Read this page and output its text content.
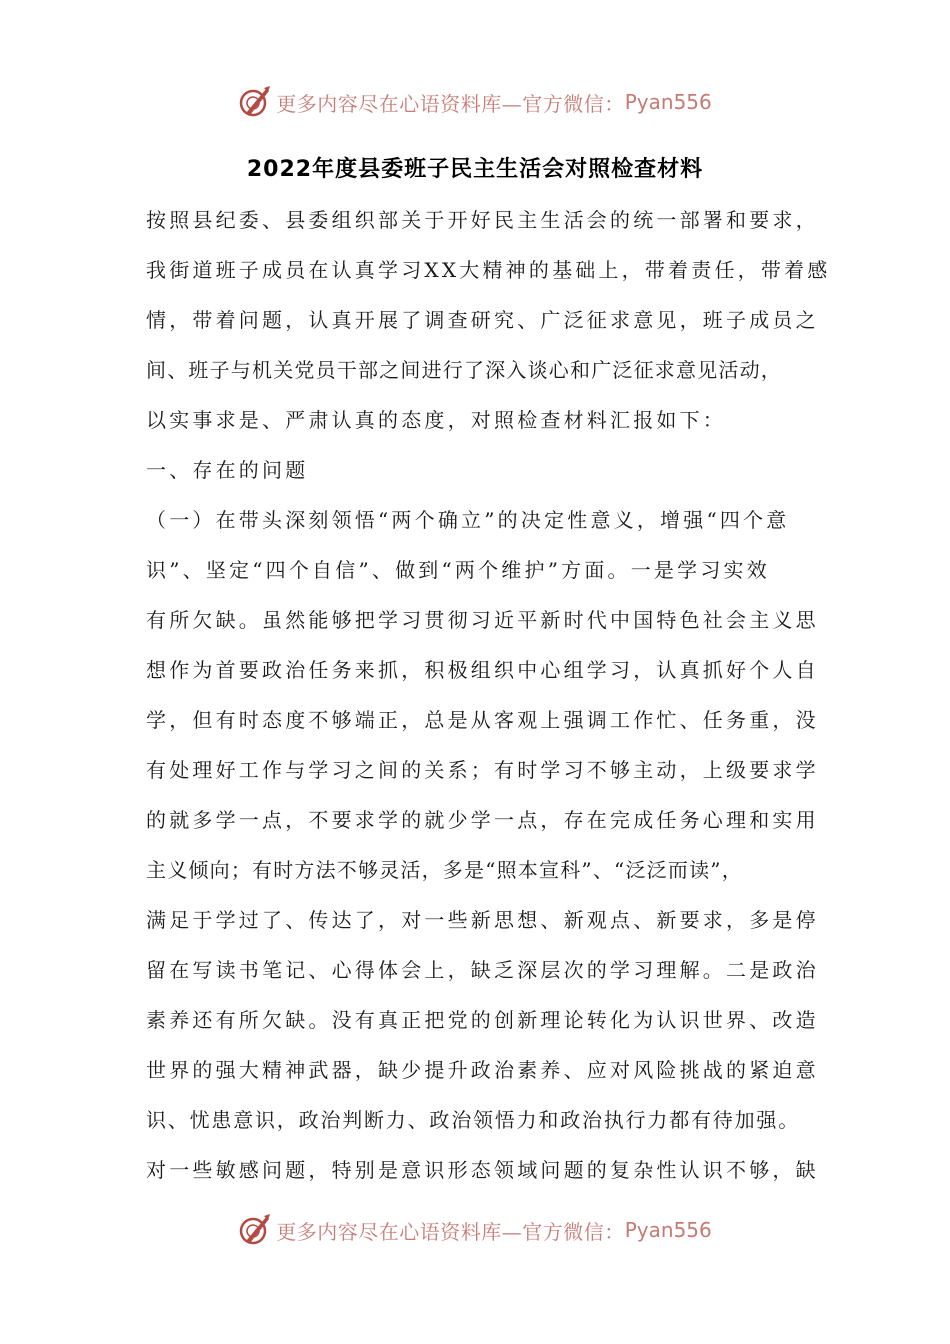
更多内容尽在心语资料库—官方微信： Pyan556
2022年度县委班子民主生活会对照检查材料
按照县纪委、县委组织部关于开好民主生活会的统一部署和要求，
我街道班子成员在认真学习XX大精神的基础上，带着责任，带着感
情，带着问题，认真开展了调查研究、广泛征求意见，班子成员之
间、班子与机关党员干部之间进行了深入谈心和广泛征求意见活动，
以实事求是、严肃认真的态度，对照检查材料汇报如下：
一、存在的问题
（一）在带头深刻领悟“两个确立”的决定性意义，增强“四个意
识”、坚定“四个自信”、做到“两个维护”方面。一是学习实效
有所欠缺。虽然能够把学习贯彻习近平新时代中国特色社会主义思
想作为首要政治任务来抓，积极组织中心组学习，认真抓好个人自
学，但有时态度不够端正，总是从客观上强调工作忙、任务重，没
有处理好工作与学习之间的关系；有时学习不够主动，上级要求学
的就多学一点，不要求学的就少学一点，存在完成任务心理和实用
主义倾向；有时方法不够灵活，多是“照本宣科”、“泛泛而读”，
满足于学过了、传达了，对一些新思想、新观点、新要求，多是停
留在写读书笔记、心得体会上，缺乏深层次的学习理解。二是政治
素养还有所欠缺。没有真正把党的创新理论转化为认识世界、改造
世界的强大精神武器，缺少提升政治素养、应对风险挑战的紧迫意
识、忧患意识，政治判断力、政治领悟力和政治执行力都有待加强。
对一些敏感问题，特别是意识形态领域问题的复杂性认识不够，缺
更多内容尽在心语资料库—官方微信： Pyan556
